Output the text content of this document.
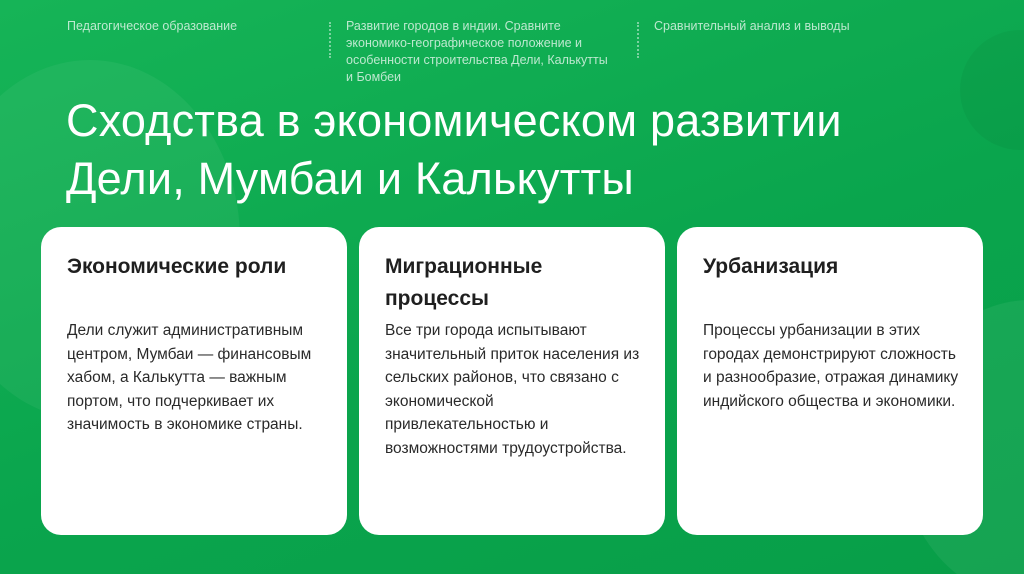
Педагогическое образование	Развитие городов в индии. Сравните экономико-географическое положение и особенности строительства Дели, Калькутты и Бомбеи
Сравнительный анализ и выводы
Сходства в экономическом развитии Дели, Мумбаи и Калькутты
Экономические роли

Дели служит административным центром, Мумбаи — финансовым хабом, а Калькутта — важным портом, что подчеркивает их значимость в экономике страны.

Миграционные процессы

Все три города испытывают значительный приток населения из сельских районов, что связано с экономической привлекательностью и возможностями трудоустройства.

Урбанизация

Процессы урбанизации в этих городах демонстрируют сложность и разнообразие, отражая динамику индийского общества и экономики.
